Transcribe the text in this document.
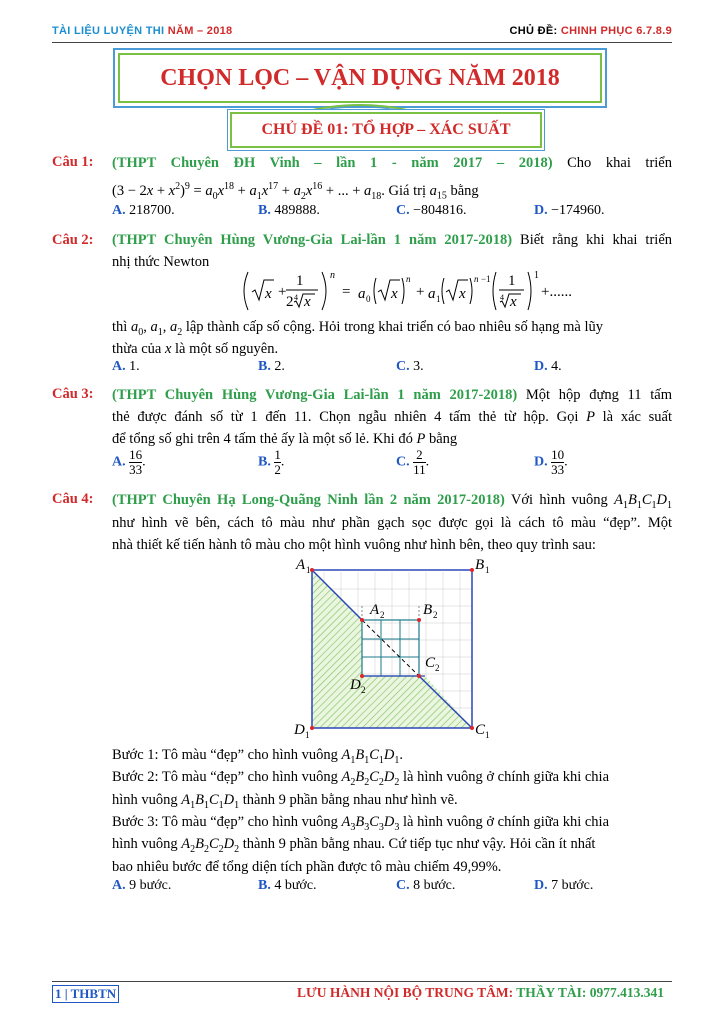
TÀI LIỆU LUYỆN THI NĂM – 2018	CHỦ ĐỀ: CHINH PHỤC 6.7.8.9
CHỌN LỌC – VẬN DỤNG NĂM 2018
CHỦ ĐỀ 01: TỔ HỢP – XÁC SUẤT
Câu 1: (THPT Chuyên ĐH Vinh – lần 1 - năm 2017 – 2018) Cho khai triển
$(3 - 2x + x^2)^9 = a_0x^{18} + a_1x^{17} + a_2x^{16}$ + ... + $a_{18}$. Giá trị $a_{15}$ bằng
A. 218700.	B. 489888.	C. −804816.	D. −174960.
Câu 2: (THPT Chuyên Hùng Vương-Gia Lai-lần 1 năm 2017-2018) Biết rằng khi khai triển
nhị thức Newton
x +
1
2 4 x
n
= a 0 x
n
+ a 1 x
n −1 1
4 x
1
+......
thì $a_0$, $a_1$, $a_2$ lập thành cấp số cộng. Hỏi trong khai triển có bao nhiêu số hạng mà lũy
thừa của x là một số nguyên.
A. 1.	B. 2.	C. 3.	D. 4.
Câu 3: (THPT Chuyên Hùng Vương-Gia Lai-lần 1 năm 2017-2018) Một hộp đựng 11 tấm
thẻ được đánh số từ 1 đến 11. Chọn ngẫu nhiên 4 tấm thẻ từ hộp. Gọi P là xác suất
để tổng số ghi trên 4 tấm thẻ ấy là một số lẻ. Khi đó P bằng
A. $\frac{16}{33}$ .	B. $\frac{1}{2}$ .	C. $\frac{2}{11}$ .	D. $\frac{10}{33}$ .
Câu 4: (THPT Chuyên Hạ Long-Quãng Ninh lần 2 năm 2017-2018) Với hình vuông $A_1B_1C_1D_1$
như hình vẽ bên, cách tô màu như phần gạch sọc được gọi là cách tô màu “đẹp”. Một
nhà thiết kế tiến hành tô màu cho một hình vuông như hình bên, theo quy trình sau:
A 1	B 1
D 1	C 1
A 2	B 2
C 2
D 2
Bước 1: Tô màu “đẹp” cho hình vuông $A_1B_1C_1D_1$.
Bước 2: Tô màu “đẹp” cho hình vuông $A_2B_2C_2D_2$ là hình vuông ở chính giữa khi chia
hình vuông $A_1B_1C_1D_1$ thành 9 phần bằng nhau như hình vẽ.
Bước 3: Tô màu “đẹp” cho hình vuông $A_3B_3C_3D_3$ là hình vuông ở chính giữa khi chia
hình vuông $A_2B_2C_2D_2$ thành 9 phần bằng nhau. Cứ tiếp tục như vậy. Hỏi cần ít nhất
bao nhiêu bước để tổng diện tích phần được tô màu chiếm 49,99%.
A. 9 bước.	B. 4 bước.	C. 8 bước.	D. 7 bước.
1 | THBTN	LƯU HÀNH NỘI BỘ TRUNG TÂM: THẦY TÀI: 0977.413.341
